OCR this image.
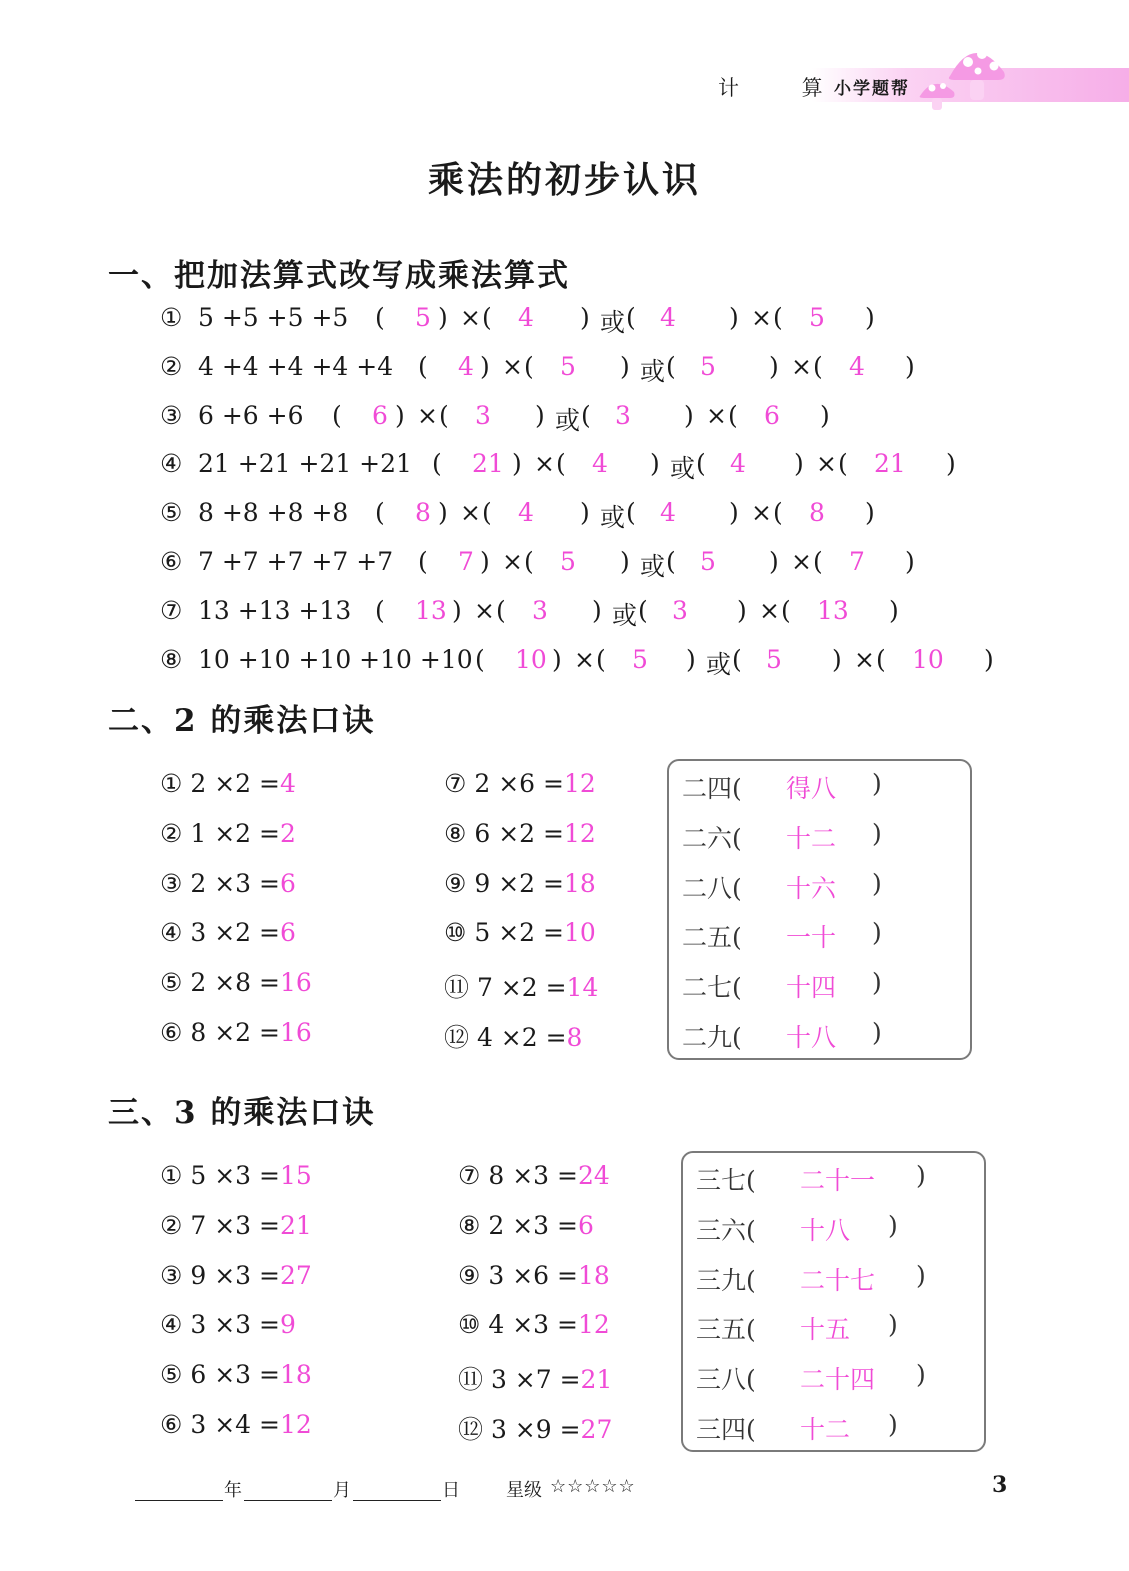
计 算
小学题帮
乘法的初步认识
一、把加法算式改写成乘法算式
① 5 +5 +5 +5 ( 5 ) × ( 4 ) 或 ( 4 ) × ( 5 )
② 4 +4 +4 +4 +4 ( 4 ) × ( 5 ) 或 ( 5 ) × ( 4 )
③ 6 +6 +6 ( 6 ) × ( 3 ) 或 ( 3 ) × ( 6 )
④ 21 +21 +21 +21 ( 21 ) × ( 4 ) 或 ( 4 ) × ( 21 )
⑤ 8 +8 +8 +8 ( 8 ) × ( 4 ) 或 ( 4 ) × ( 8 )
⑥ 7 +7 +7 +7 +7 ( 7 ) × ( 5 ) 或 ( 5 ) × ( 7 )
⑦ 13 +13 +13 ( 13 ) × ( 3 ) 或 ( 3 ) × ( 13 )
⑧ 10 +10 +10 +10 +10 ( 10 ) × ( 5 ) 或 ( 5 ) × ( 10 )
二、2 的乘法口诀
① 2 ×2 =4
② 1 ×2 =2
③ 2 ×3 =6
④ 3 ×2 =6
⑤ 2 ×8 =16
⑥ 8 ×2 =16
⑦ 2 ×6 =12
⑧ 6 ×2 =12
⑨ 9 ×2 =18
⑩ 5 ×2 =10
⑪ 7 ×2 =14
⑫ 4 ×2 =8
二四( 得八 )
二六( 十二 )
二八( 十六 )
二五( 一十 )
二七( 十四 )
二九( 十八 )
三、3 的乘法口诀
① 5 ×3 =15
② 7 ×3 =21
③ 9 ×3 =27
④ 3 ×3 =9
⑤ 6 ×3 =18
⑥ 3 ×4 =12
⑦ 8 ×3 =24
⑧ 2 ×3 =6
⑨ 3 ×6 =18
⑩ 4 ×3 =12
⑪ 3 ×7 =21
⑫ 3 ×9 =27
三七( 二十一 )
三六( 十八 )
三九( 二十七 )
三五( 十五 )
三八( 二十四 )
三四( 十二 )
年	月	日	星级 ☆☆☆☆☆	3
